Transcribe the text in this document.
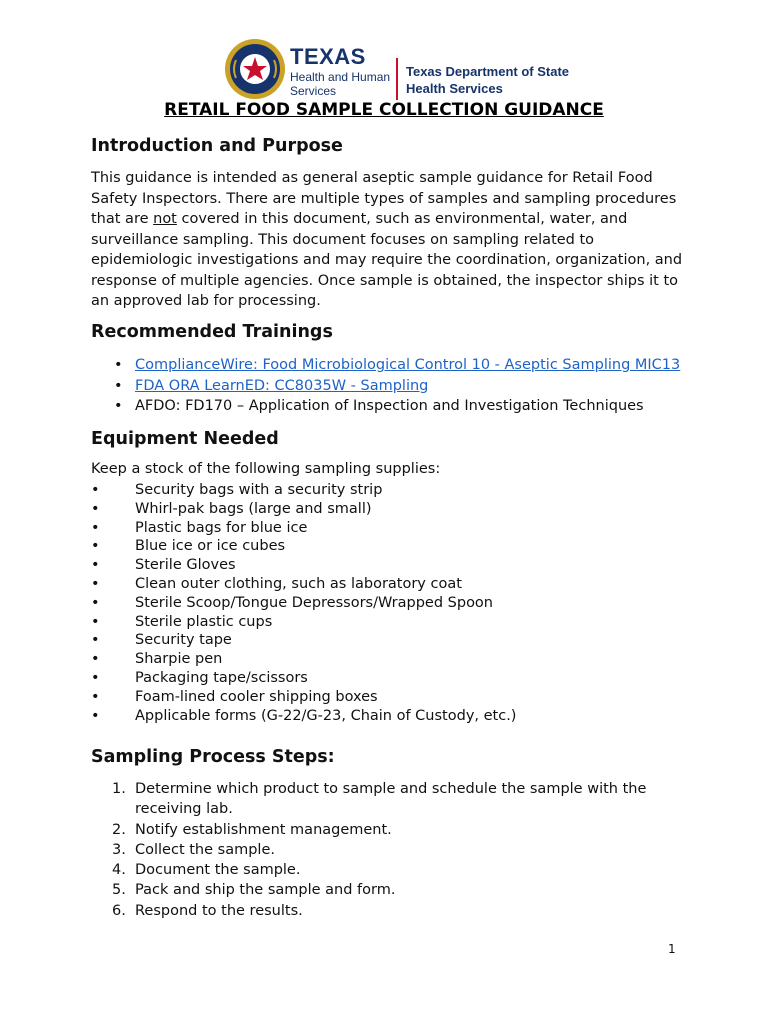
TEXAS
Health and Human Services
Texas Department of State Health Services
RETAIL FOOD SAMPLE COLLECTION GUIDANCE
Introduction and Purpose
This guidance is intended as general aseptic sample guidance for Retail Food Safety Inspectors. There are multiple types of samples and sampling procedures that are not covered in this document, such as environmental, water, and surveillance sampling. This document focuses on sampling related to epidemiologic investigations and may require the coordination, organization, and response of multiple agencies. Once sample is obtained, the inspector ships it to an approved lab for processing.
Recommended Trainings
• ComplianceWire: Food Microbiological Control 10 - Aseptic Sampling MIC13
• FDA ORA LearnED: CC8035W - Sampling
• AFDO: FD170 – Application of Inspection and Investigation Techniques
Equipment Needed
Keep a stock of the following sampling supplies:
• Security bags with a security strip
• Whirl-pak bags (large and small)
• Plastic bags for blue ice
• Blue ice or ice cubes
• Sterile Gloves
• Clean outer clothing, such as laboratory coat
• Sterile Scoop/Tongue Depressors/Wrapped Spoon
• Sterile plastic cups
• Security tape
• Sharpie pen
• Packaging tape/scissors
• Foam-lined cooler shipping boxes
• Applicable forms (G-22/G-23, Chain of Custody, etc.)
Sampling Process Steps:
1. Determine which product to sample and schedule the sample with the receiving lab.
2. Notify establishment management.
3. Collect the sample.
4. Document the sample.
5. Pack and ship the sample and form.
6. Respond to the results.
1
